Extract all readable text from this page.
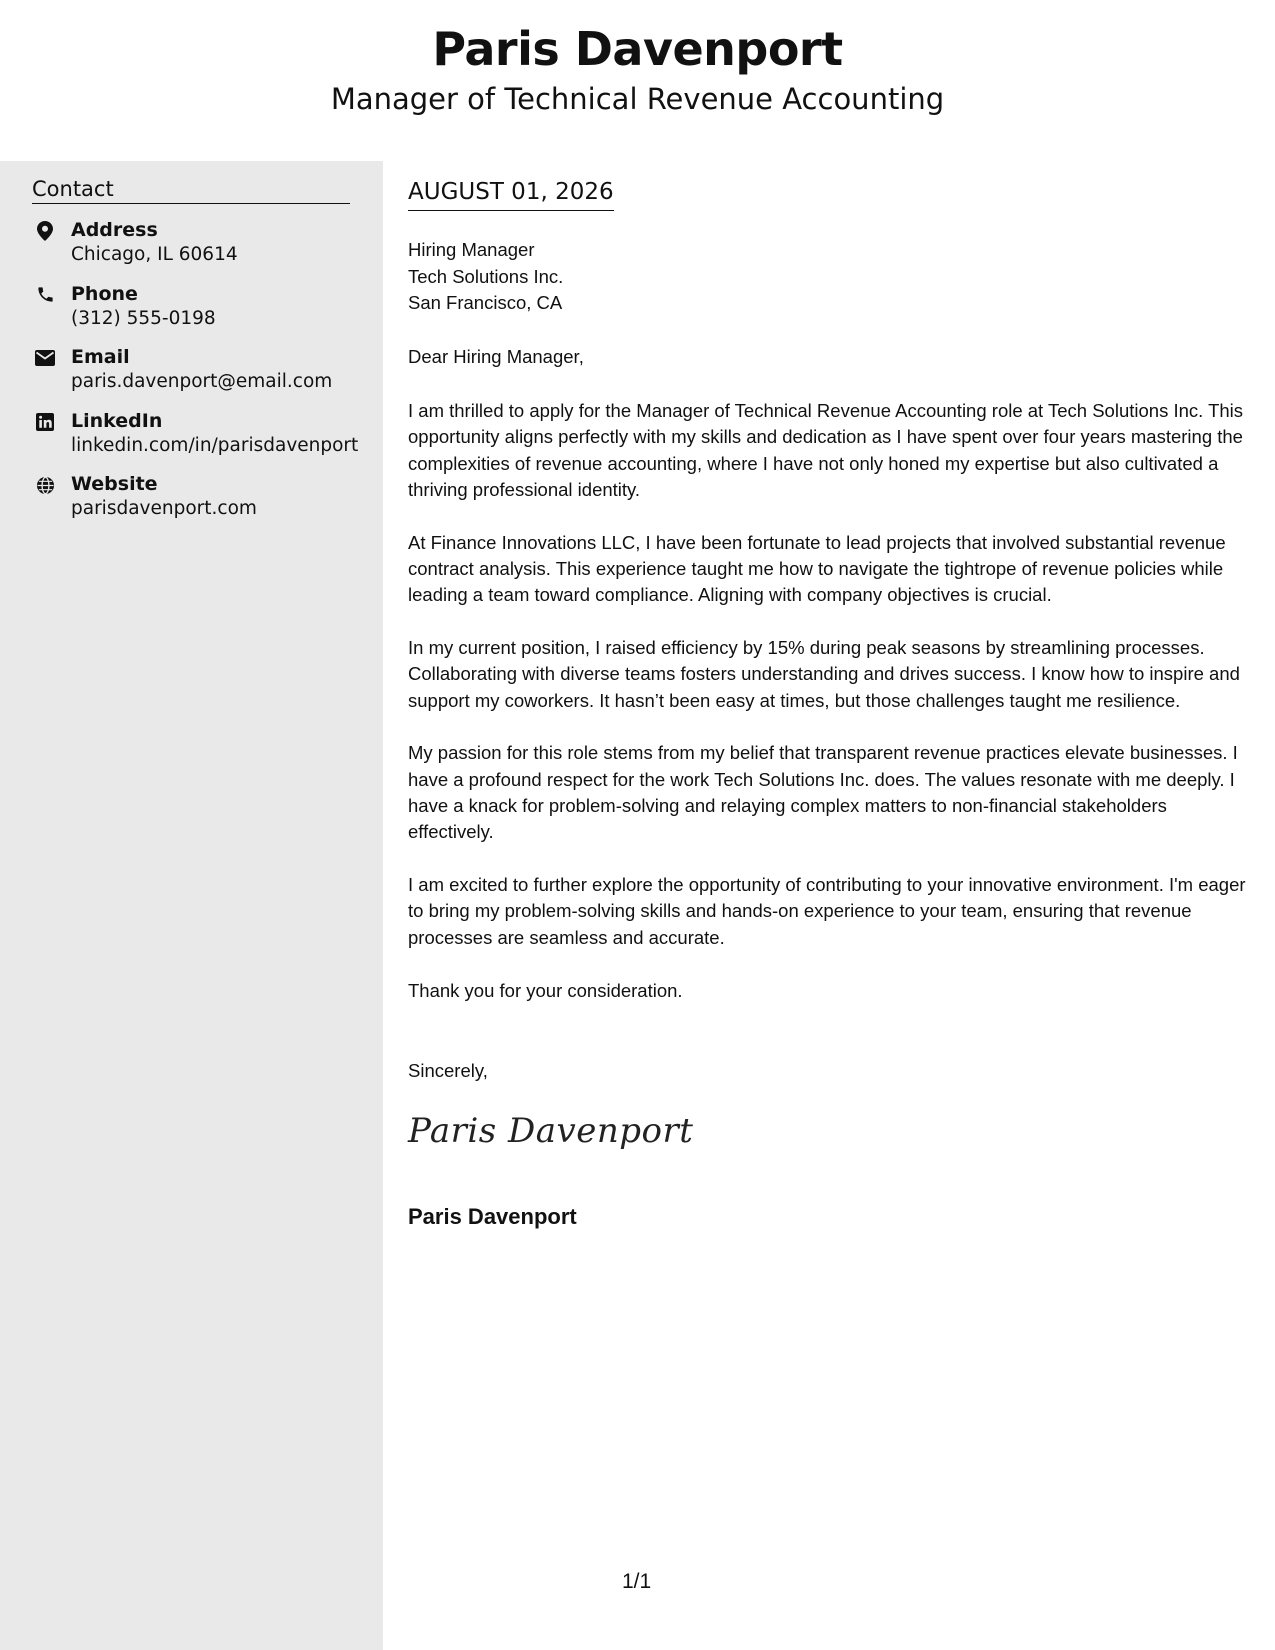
Paris Davenport
Manager of Technical Revenue Accounting
Contact
Address
Chicago, IL 60614
Phone
(312) 555-0198
Email
paris.davenport@email.com
LinkedIn
linkedin.com/in/parisdavenport
Website
parisdavenport.com
AUGUST 01, 2026
Hiring Manager
Tech Solutions Inc.
San Francisco, CA
Dear Hiring Manager,

I am thrilled to apply for the Manager of Technical Revenue Accounting role at Tech Solutions Inc. This opportunity aligns perfectly with my skills and dedication as I have spent over four years mastering the complexities of revenue accounting, where I have not only honed my expertise but also cultivated a thriving professional identity.

At Finance Innovations LLC, I have been fortunate to lead projects that involved substantial revenue contract analysis. This experience taught me how to navigate the tightrope of revenue policies while leading a team toward compliance. Aligning with company objectives is crucial.

In my current position, I raised efficiency by 15% during peak seasons by streamlining processes. Collaborating with diverse teams fosters understanding and drives success. I know how to inspire and support my coworkers. It hasn’t been easy at times, but those challenges taught me resilience.

My passion for this role stems from my belief that transparent revenue practices elevate businesses. I have a profound respect for the work Tech Solutions Inc. does. The values resonate with me deeply. I have a knack for problem-solving and relaying complex matters to non-financial stakeholders effectively.

I am excited to further explore the opportunity of contributing to your innovative environment. I'm eager to bring my problem-solving skills and hands-on experience to your team, ensuring that revenue processes are seamless and accurate.

Thank you for your consideration.

Sincerely,
Paris Davenport
Paris Davenport
1/1
